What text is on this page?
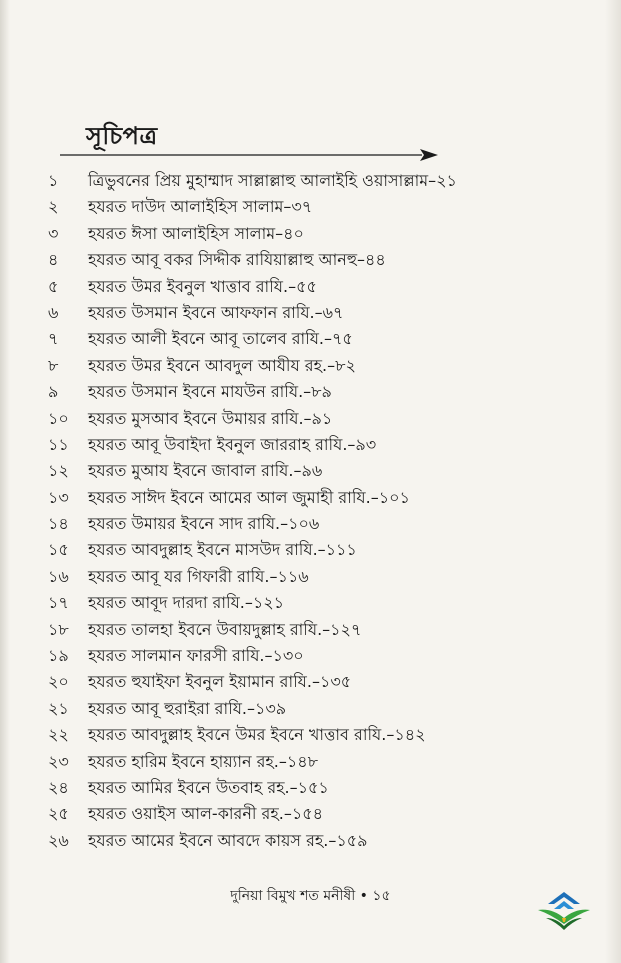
সূচিপত্র
১ ত্রিভুবনের প্রিয় মুহাম্মাদ সাল্লাল্লাহু আলাইহি ওয়াসাল্লাম–২১
২ হযরত দাউদ আলাইহিস সালাম–৩৭
৩ হযরত ঈসা আলাইহিস সালাম–৪০
৪ হযরত আবূ বকর সিদ্দীক রাযিয়াল্লাহু আনহু–৪৪
৫ হযরত উমর ইবনুল খাত্তাব রাযি.–৫৫
৬ হযরত উসমান ইবনে আফফান রাযি.–৬৭
৭ হযরত আলী ইবনে আবূ তালেব রাযি.–৭৫
৮ হযরত উমর ইবনে আবদুল আযীয রহ.–৮২
৯ হযরত উসমান ইবনে মাযউন রাযি.–৮৯
১০ হযরত মুসআব ইবনে উমায়র রাযি.–৯১
১১ হযরত আবূ উবাইদা ইবনুল জাররাহ রাযি.–৯৩
১২ হযরত মুআয ইবনে জাবাল রাযি.–৯৬
১৩ হযরত সাঈদ ইবনে আমের আল জুমাহী রাযি.–১০১
১৪ হযরত উমায়র ইবনে সাদ রাযি.–১০৬
১৫ হযরত আবদুল্লাহ ইবনে মাসউদ রাযি.–১১১
১৬ হযরত আবূ যর গিফারী রাযি.–১১৬
১৭ হযরত আবূদ দারদা রাযি.–১২১
১৮ হযরত তালহা ইবনে উবায়দুল্লাহ রাযি.–১২৭
১৯ হযরত সালমান ফারসী রাযি.–১৩০
২০ হযরত হুযাইফা ইবনুল ইয়ামান রাযি.–১৩৫
২১ হযরত আবূ হুরাইরা রাযি.–১৩৯
২২ হযরত আবদুল্লাহ ইবনে উমর ইবনে খাত্তাব রাযি.–১৪২
২৩ হযরত হারিম ইবনে হায়্যান রহ.–১৪৮
২৪ হযরত আমির ইবনে উতবাহ রহ.–১৫১
২৫ হযরত ওয়াইস আল-কারনী রহ.–১৫৪
২৬ হযরত আমের ইবনে আবদে কায়স রহ.–১৫৯
দুনিয়া বিমুখ শত মনীষী • ১৫
